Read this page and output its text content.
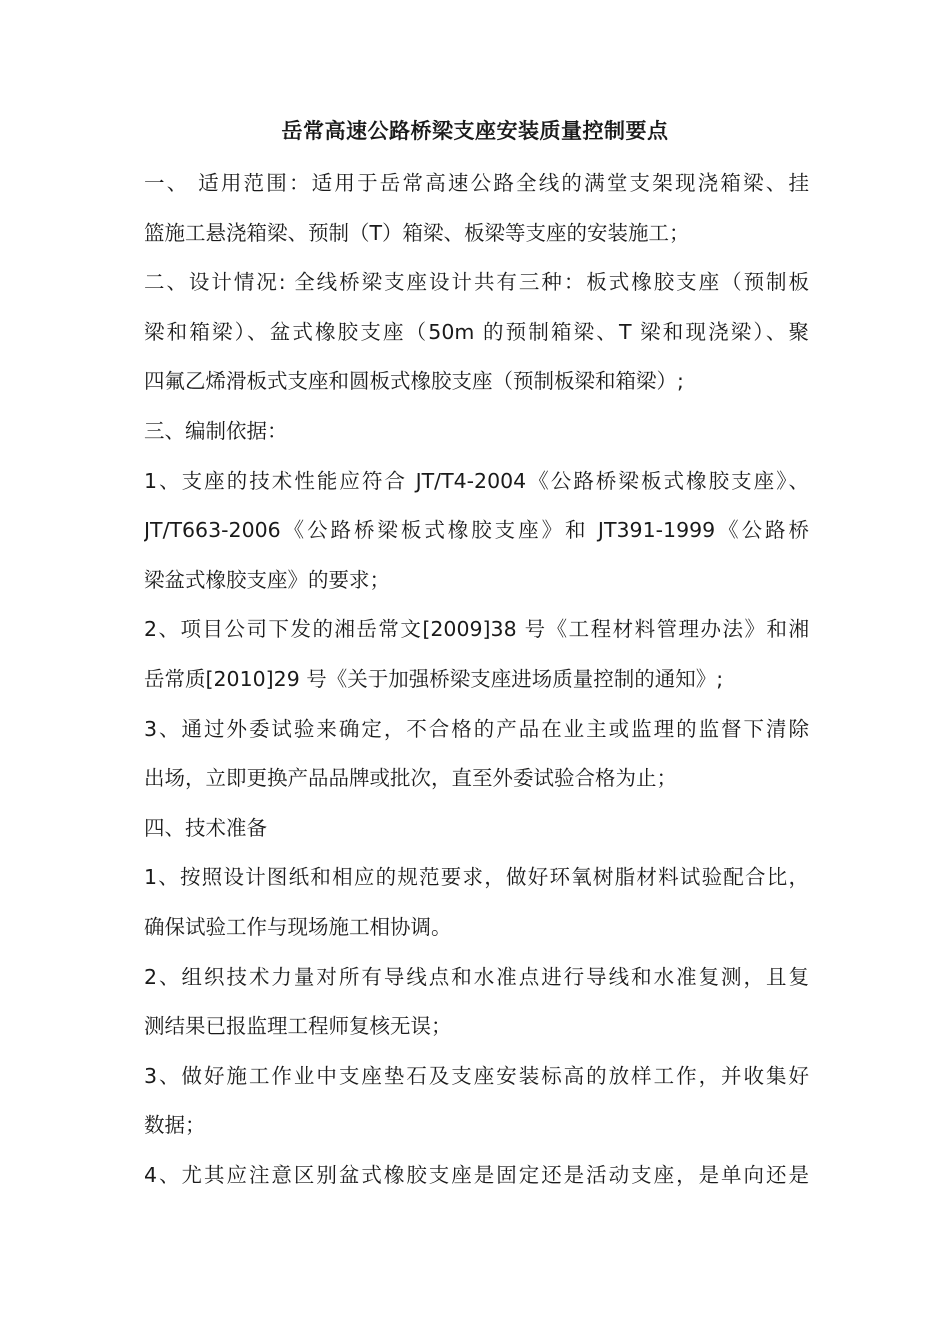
岳常高速公路桥梁支座安装质量控制要点
一、 适用范围：适用于岳常高速公路全线的满堂支架现浇箱梁、挂
篮施工悬浇箱梁、预制（T）箱梁、板梁等支座的安装施工；
二、设计情况: 全线桥梁支座设计共有三种：板式橡胶支座（预制板
梁和箱梁）、盆式橡胶支座（50m 的预制箱梁、T 梁和现浇梁）、聚
四氟乙烯滑板式支座和圆板式橡胶支座（预制板梁和箱梁）;
三、编制依据：
1、支座的技术性能应符合 JT/T4-2004《公路桥梁板式橡胶支座》、
JT/T663-2006《公路桥梁板式橡胶支座》和 JT391-1999《公路桥
梁盆式橡胶支座》的要求；
2、项目公司下发的湘岳常文[2009]38 号《工程材料管理办法》和湘
岳常质[2010]29 号《关于加强桥梁支座进场质量控制的通知》;
3、通过外委试验来确定，不合格的产品在业主或监理的监督下清除
出场，立即更换产品品牌或批次，直至外委试验合格为止；
四、技术准备
1、按照设计图纸和相应的规范要求，做好环氧树脂材料试验配合比，
确保试验工作与现场施工相协调。
2、组织技术力量对所有导线点和水准点进行导线和水准复测，且复
测结果已报监理工程师复核无误；
3、做好施工作业中支座垫石及支座安装标高的放样工作，并收集好
数据；
4、尤其应注意区别盆式橡胶支座是固定还是活动支座，是单向还是
